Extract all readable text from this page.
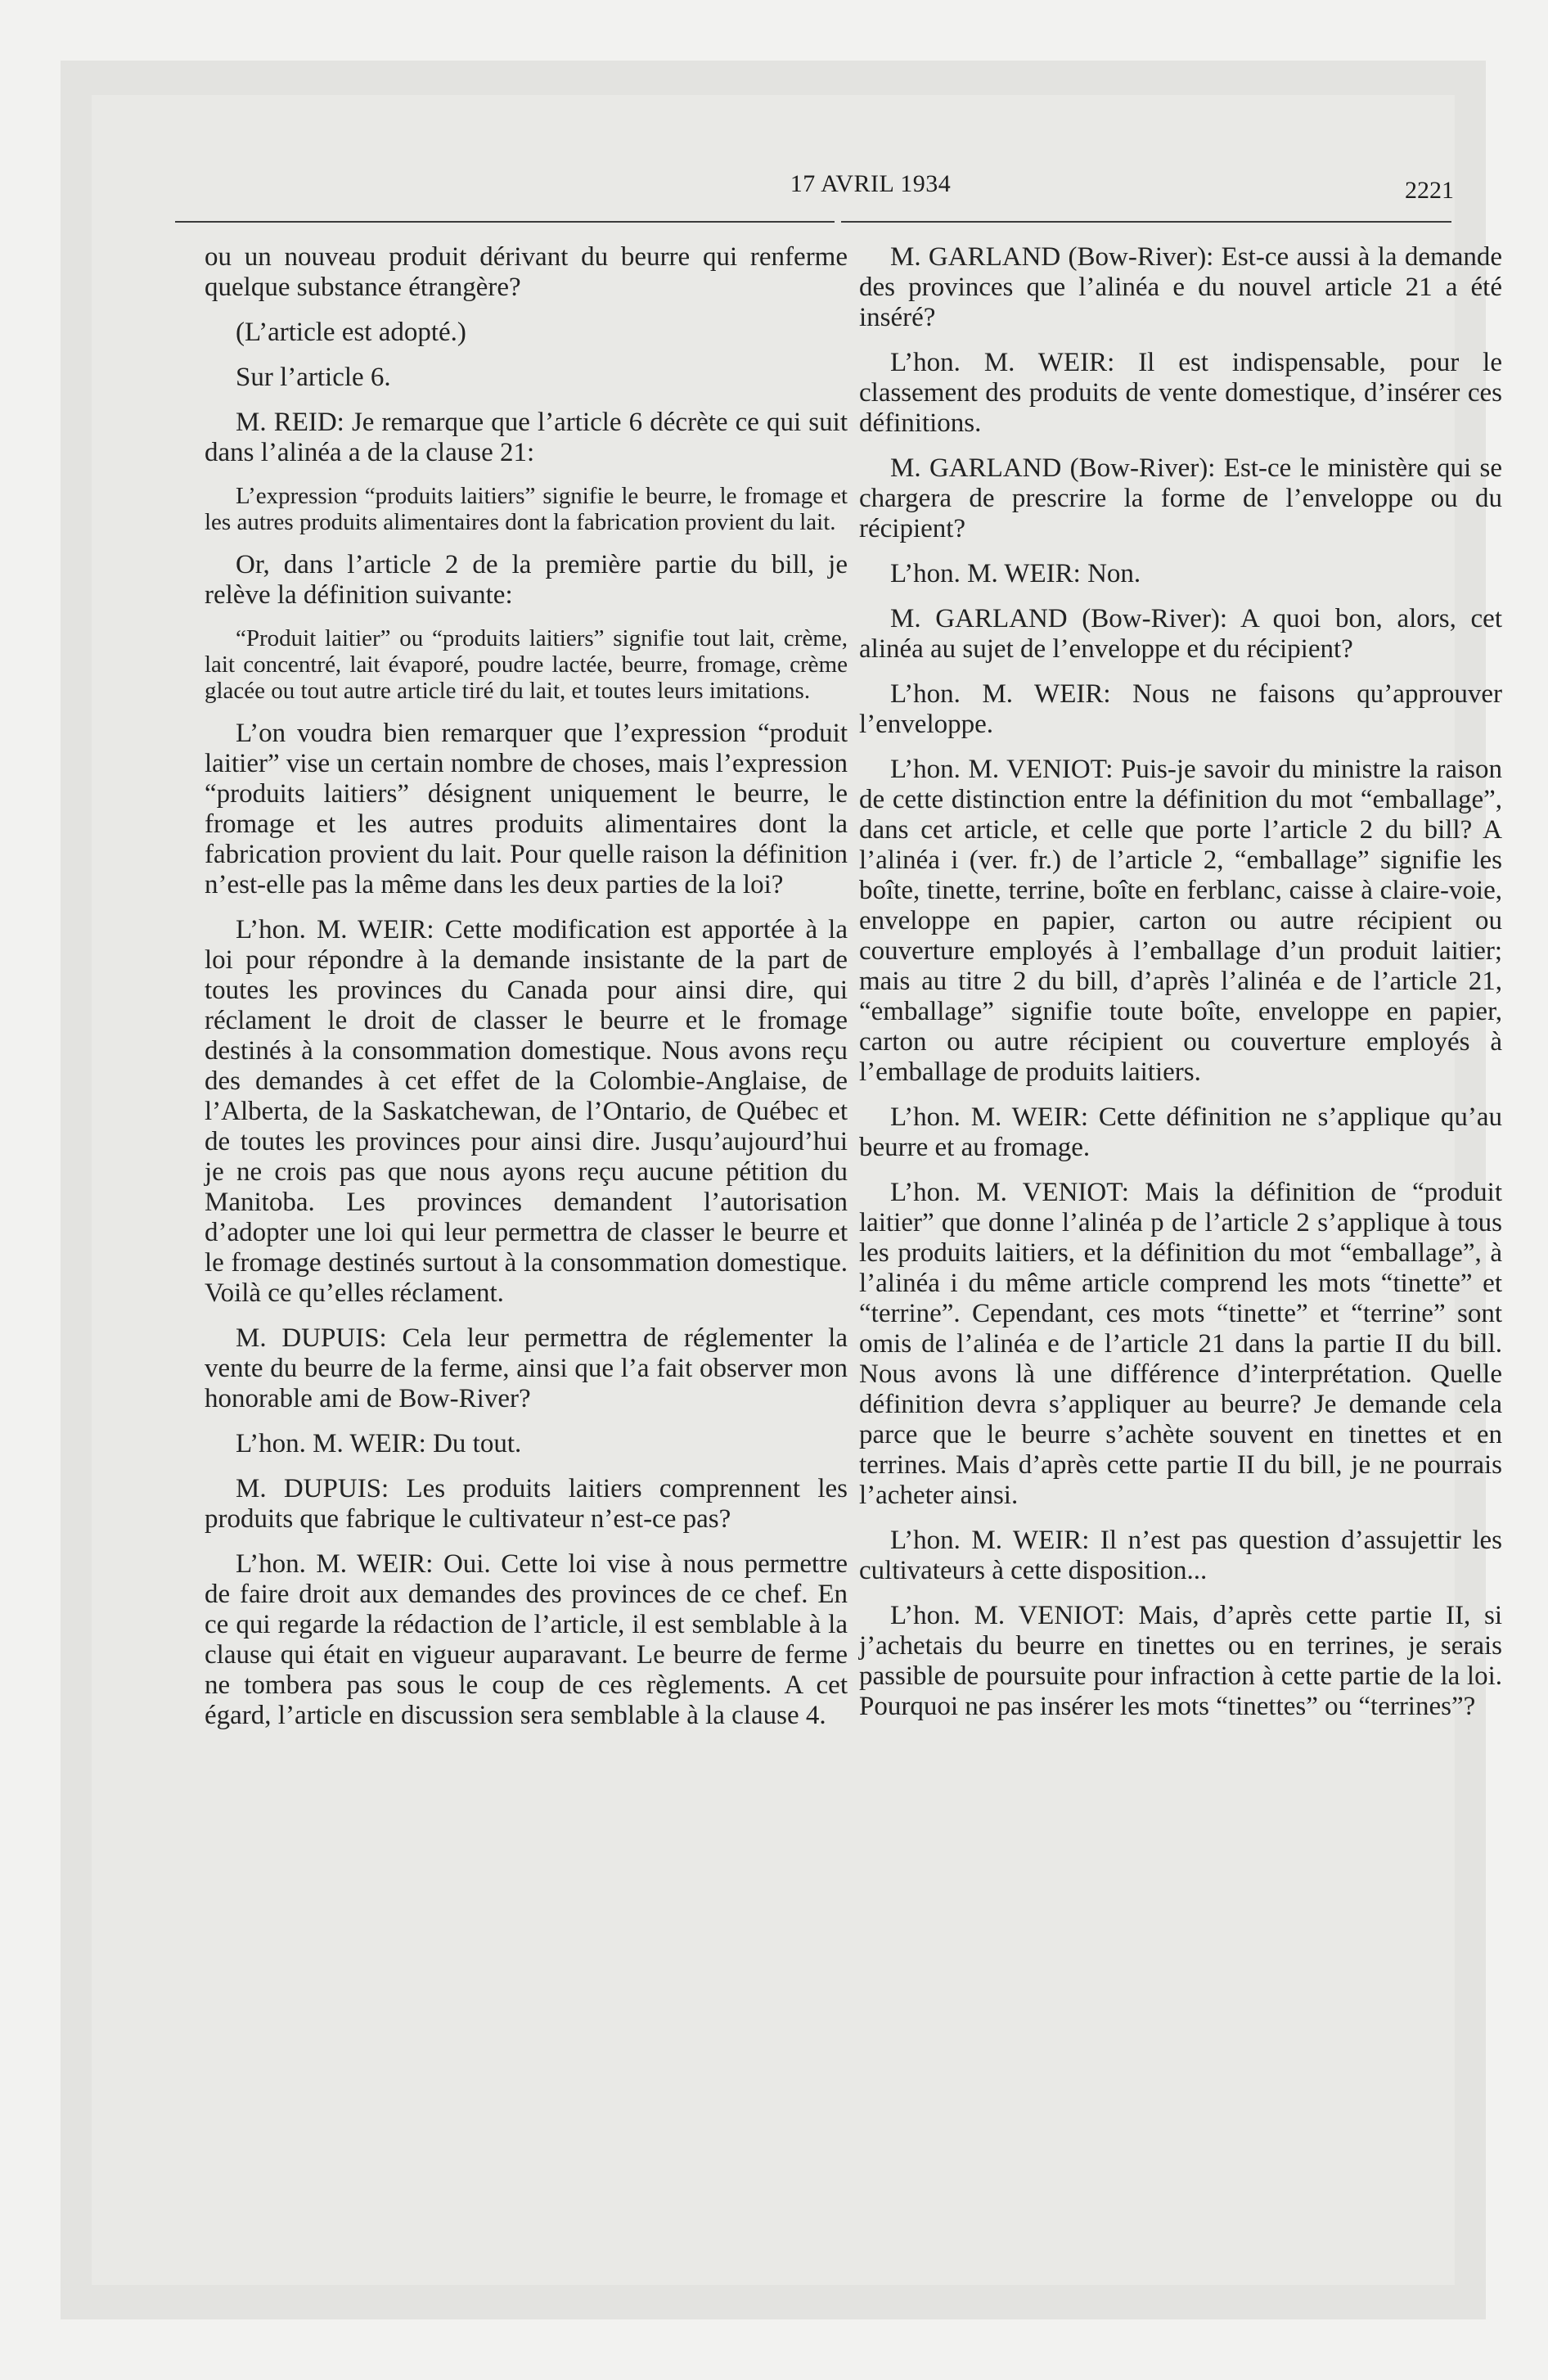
17 AVRIL 1934	2221

ou un nouveau produit dérivant du beurre qui renferme quelque substance étrangère?

(L’article est adopté.)

Sur l’article 6.

M. REID: Je remarque que l’article 6 décrète ce qui suit dans l’alinéa a de la clause 21:

L’expression “produits laitiers” signifie le beurre, le fromage et les autres produits alimentaires dont la fabrication provient du lait.

Or, dans l’article 2 de la première partie du bill, je relève la définition suivante:

“Produit laitier” ou “produits laitiers” signifie tout lait, crème, lait concentré, lait évaporé, poudre lactée, beurre, fromage, crème glacée ou tout autre article tiré du lait, et toutes leurs imitations.

L’on voudra bien remarquer que l’expression “produit laitier” vise un certain nombre de choses, mais l’expression “produits laitiers” désignent uniquement le beurre, le fromage et les autres produits alimentaires dont la fabrication provient du lait. Pour quelle raison la définition n’est-elle pas la même dans les deux parties de la loi?

L’hon. M. WEIR: Cette modification est apportée à la loi pour répondre à la demande insistante de la part de toutes les provinces du Canada pour ainsi dire, qui réclament le droit de classer le beurre et le fromage destinés à la consommation domestique. Nous avons reçu des demandes à cet effet de la Colombie-Anglaise, de l’Alberta, de la Saskatchewan, de l’Ontario, de Québec et de toutes les provinces pour ainsi dire. Jusqu’aujourd’hui je ne crois pas que nous ayons reçu aucune pétition du Manitoba. Les provinces demandent l’autorisation d’adopter une loi qui leur permettra de classer le beurre et le fromage destinés surtout à la consommation domestique. Voilà ce qu’elles réclament.

M. DUPUIS: Cela leur permettra de réglementer la vente du beurre de la ferme, ainsi que l’a fait observer mon honorable ami de Bow-River?

L’hon. M. WEIR: Du tout.

M. DUPUIS: Les produits laitiers comprennent les produits que fabrique le cultivateur n’est-ce pas?

L’hon. M. WEIR: Oui. Cette loi vise à nous permettre de faire droit aux demandes des provinces de ce chef. En ce qui regarde la rédaction de l’article, il est semblable à la clause qui était en vigueur auparavant. Le beurre de ferme ne tombera pas sous le coup de ces règlements. A cet égard, l’article en discussion sera semblable à la clause 4.

M. GARLAND (Bow-River): Est-ce aussi à la demande des provinces que l’alinéa e du nouvel article 21 a été inséré?

L’hon. M. WEIR: Il est indispensable, pour le classement des produits de vente domestique, d’insérer ces définitions.

M. GARLAND (Bow-River): Est-ce le ministère qui se chargera de prescrire la forme de l’enveloppe ou du récipient?

L’hon. M. WEIR: Non.

M. GARLAND (Bow-River): A quoi bon, alors, cet alinéa au sujet de l’enveloppe et du récipient?

L’hon. M. WEIR: Nous ne faisons qu’approuver l’enveloppe.

L’hon. M. VENIOT: Puis-je savoir du ministre la raison de cette distinction entre la définition du mot “emballage”, dans cet article, et celle que porte l’article 2 du bill? A l’alinéa i (ver. fr.) de l’article 2, “emballage” signifie les boîte, tinette, terrine, boîte en ferblanc, caisse à claire-voie, enveloppe en papier, carton ou autre récipient ou couverture employés à l’emballage d’un produit laitier; mais au titre 2 du bill, d’après l’alinéa e de l’article 21, “emballage” signifie toute boîte, enveloppe en papier, carton ou autre récipient ou couverture employés à l’emballage de produits laitiers.

L’hon. M. WEIR: Cette définition ne s’applique qu’au beurre et au fromage.

L’hon. M. VENIOT: Mais la définition de “produit laitier” que donne l’alinéa p de l’article 2 s’applique à tous les produits laitiers, et la définition du mot “emballage”, à l’alinéa i du même article comprend les mots “tinette” et “terrine”. Cependant, ces mots “tinette” et “terrine” sont omis de l’alinéa e de l’article 21 dans la partie II du bill. Nous avons là une différence d’interprétation. Quelle définition devra s’appliquer au beurre? Je demande cela parce que le beurre s’achète souvent en tinettes et en terrines. Mais d’après cette partie II du bill, je ne pourrais l’acheter ainsi.

L’hon. M. WEIR: Il n’est pas question d’assujettir les cultivateurs à cette disposition...

L’hon. M. VENIOT: Mais, d’après cette partie II, si j’achetais du beurre en tinettes ou en terrines, je serais passible de poursuite pour infraction à cette partie de la loi. Pourquoi ne pas insérer les mots “tinettes” ou “terrines”?
